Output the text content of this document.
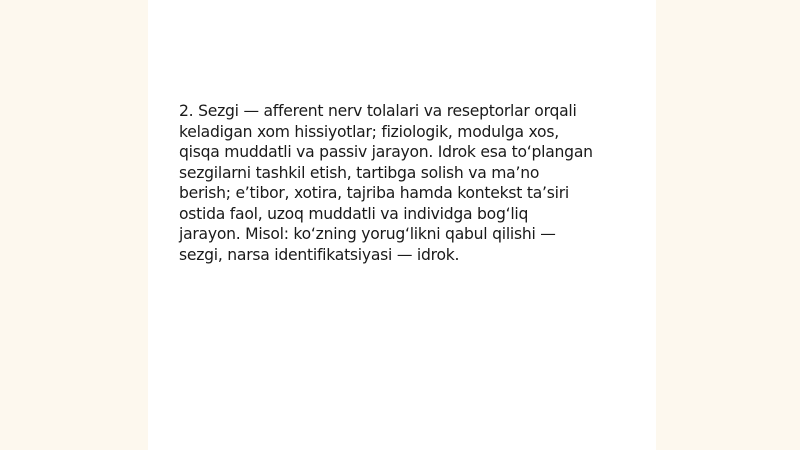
2. Sezgi — afferent nerv tolalari va reseptorlar orqali
keladigan xom hissiyotlar; fiziologik, modulga xos,
qisqa muddatli va passiv jarayon. Idrok esa to‘plangan
sezgilarni tashkil etish, tartibga solish va ma’no
berish; e’tibor, xotira, tajriba hamda kontekst ta’siri
ostida faol, uzoq muddatli va individga bog‘liq
jarayon. Misol: ko‘zning yorug‘likni qabul qilishi —
sezgi, narsa identifikatsiyasi — idrok.
